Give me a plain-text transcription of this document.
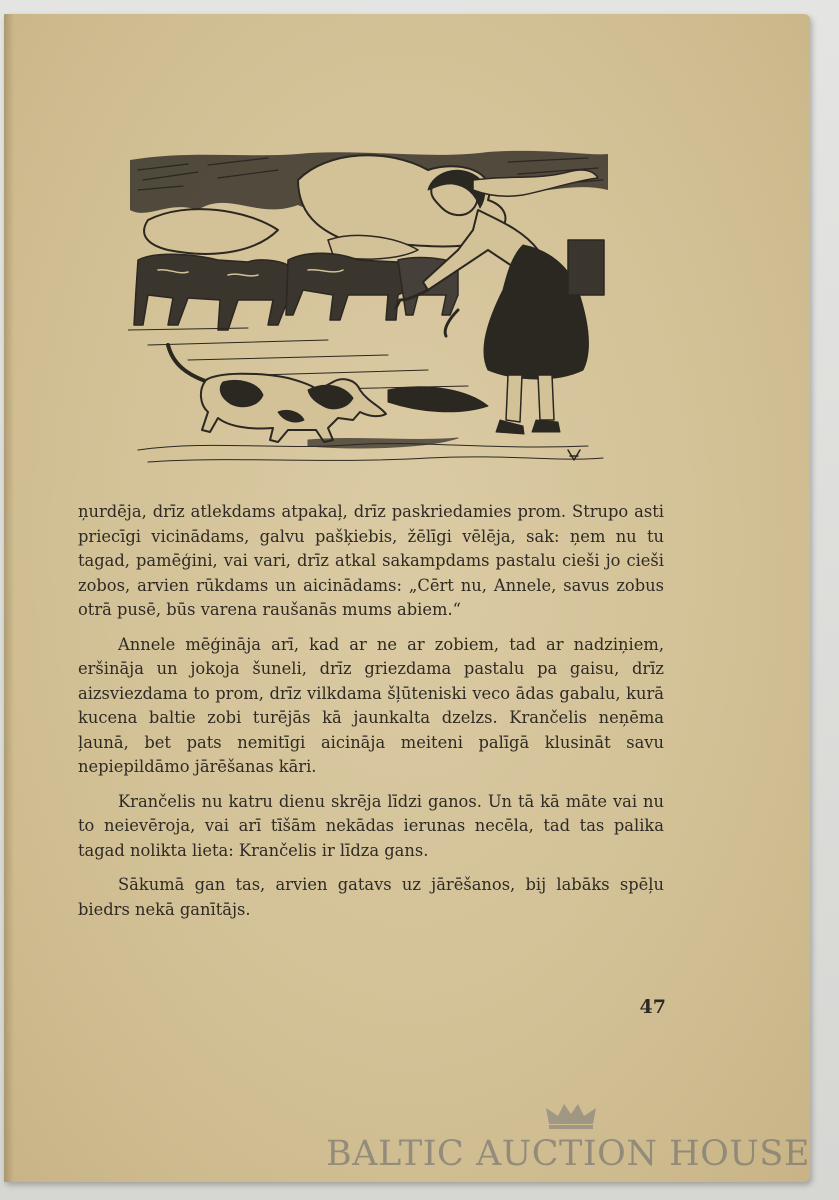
ņurdēja, drīz atlekdams atpakaļ, drīz paskriedamies prom. Strupo asti priecīgi vicinādams, galvu pašķiebis, žēlīgi vēlēja, sak: ņem nu tu tagad, pamēģini, vai vari, drīz atkal sakampdams pastalu cieši jo cieši zobos, arvien rūkdams un aicinādams: „Cērt nu, Annele, savus zobus otrā pusē, būs varena raušanās mums abiem.“

Annele mēģināja arī, kad ar ne ar zobiem, tad ar nadziņiem, eršināja un jokoja šuneli, drīz griezdama pastalu pa gaisu, drīz aizsviezdama to prom, drīz vilkdama šļūteniski veco ādas gabalu, kurā kucena baltie zobi turējās kā jaunkalta dzelzs. Krančelis neņēma ļaunā, bet pats nemitīgi aicināja meiteni palīgā klusināt savu nepiepildāmo jārēšanas kāri.

Krančelis nu katru dienu skrēja līdzi ganos. Un tā kā māte vai nu to neievēroja, vai arī tīšām nekādas ierunas necēla, tad tas palika tagad nolikta lieta: Krančelis ir līdza gans.

Sākumā gan tas, arvien gatavs uz jārēšanos, bij labāks spēļu biedrs nekā ganītājs.

47
BALTIC AUCTION HOUSE
